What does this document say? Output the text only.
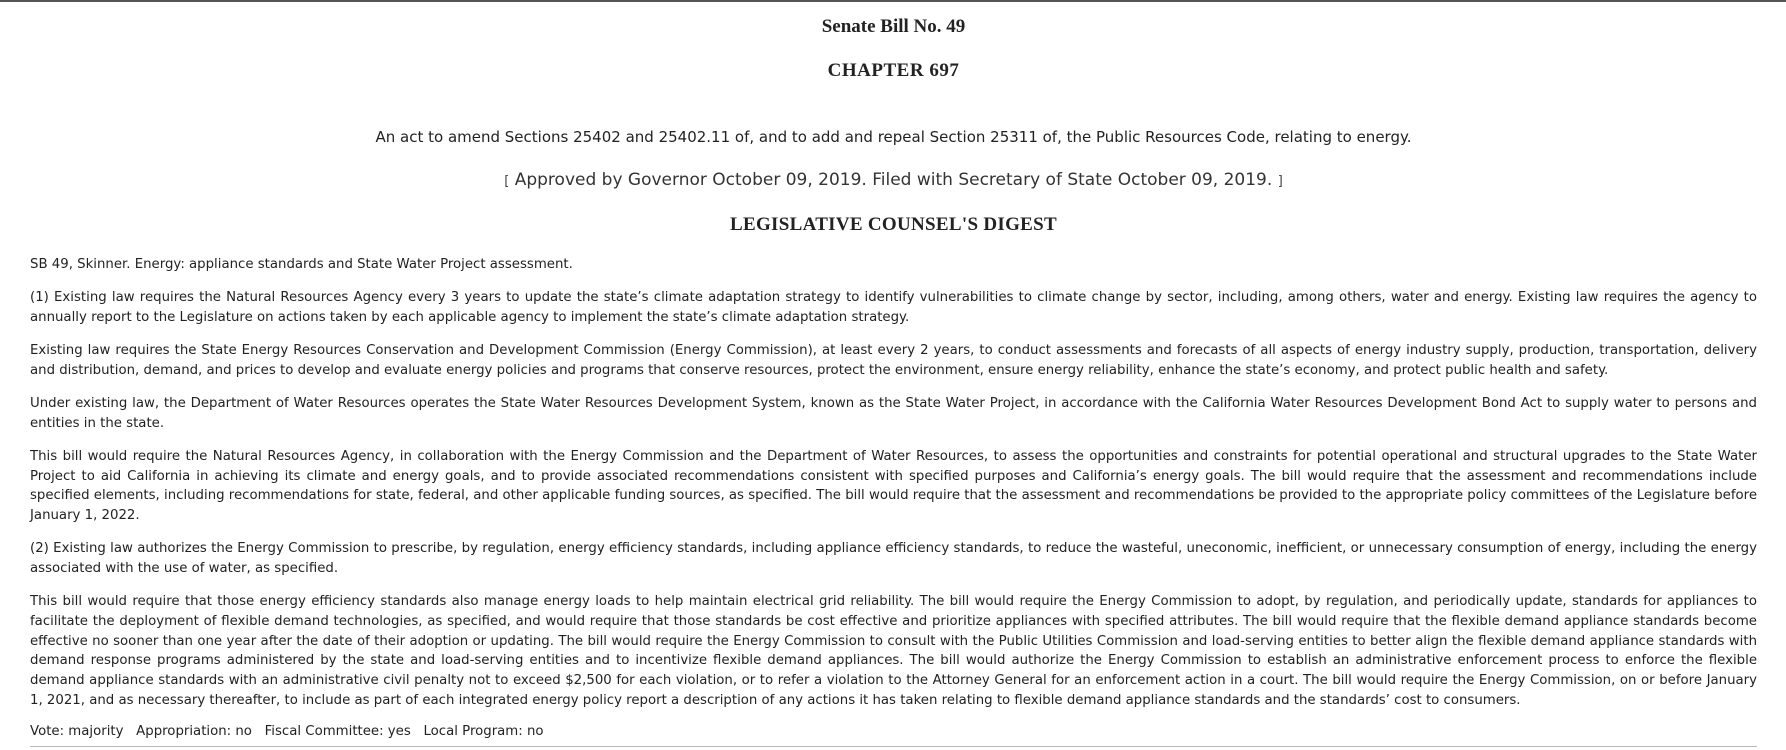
Senate Bill No. 49
CHAPTER 697
An act to amend Sections 25402 and 25402.11 of, and to add and repeal Section 25311 of, the Public Resources Code, relating to energy.
[ Approved by Governor October 09, 2019. Filed with Secretary of State October 09, 2019. ]
LEGISLATIVE COUNSEL'S DIGEST

SB 49, Skinner. Energy: appliance standards and State Water Project assessment.

(1) Existing law requires the Natural Resources Agency every 3 years to update the state’s climate adaptation strategy to identify vulnerabilities to climate change by sector, including, among others, water and energy. Existing law requires the agency to annually report to the Legislature on actions taken by each applicable agency to implement the state’s climate adaptation strategy.

Existing law requires the State Energy Resources Conservation and Development Commission (Energy Commission), at least every 2 years, to conduct assessments and forecasts of all aspects of energy industry supply, production, transportation, delivery and distribution, demand, and prices to develop and evaluate energy policies and programs that conserve resources, protect the environment, ensure energy reliability, enhance the state’s economy, and protect public health and safety.

Under existing law, the Department of Water Resources operates the State Water Resources Development System, known as the State Water Project, in accordance with the California Water Resources Development Bond Act to supply water to persons and entities in the state.

This bill would require the Natural Resources Agency, in collaboration with the Energy Commission and the Department of Water Resources, to assess the opportunities and constraints for potential operational and structural upgrades to the State Water Project to aid California in achieving its climate and energy goals, and to provide associated recommendations consistent with specified purposes and California’s energy goals. The bill would require that the assessment and recommendations include specified elements, including recommendations for state, federal, and other applicable funding sources, as specified. The bill would require that the assessment and recommendations be provided to the appropriate policy committees of the Legislature before January 1, 2022.

(2) Existing law authorizes the Energy Commission to prescribe, by regulation, energy efficiency standards, including appliance efficiency standards, to reduce the wasteful, uneconomic, inefficient, or unnecessary consumption of energy, including the energy associated with the use of water, as specified.

This bill would require that those energy efficiency standards also manage energy loads to help maintain electrical grid reliability. The bill would require the Energy Commission to adopt, by regulation, and periodically update, standards for appliances to facilitate the deployment of flexible demand technologies, as specified, and would require that those standards be cost effective and prioritize appliances with specified attributes. The bill would require that the flexible demand appliance standards become effective no sooner than one year after the date of their adoption or updating. The bill would require the Energy Commission to consult with the Public Utilities Commission and load-serving entities to better align the flexible demand appliance standards with demand response programs administered by the state and load-serving entities and to incentivize flexible demand appliances. The bill would authorize the Energy Commission to establish an administrative enforcement process to enforce the flexible demand appliance standards with an administrative civil penalty not to exceed $2,500 for each violation, or to refer a violation to the Attorney General for an enforcement action in a court. The bill would require the Energy Commission, on or before January 1, 2021, and as necessary thereafter, to include as part of each integrated energy policy report a description of any actions it has taken relating to flexible demand appliance standards and the standards’ cost to consumers.

Vote: majority   Appropriation: no   Fiscal Committee: yes   Local Program: no
